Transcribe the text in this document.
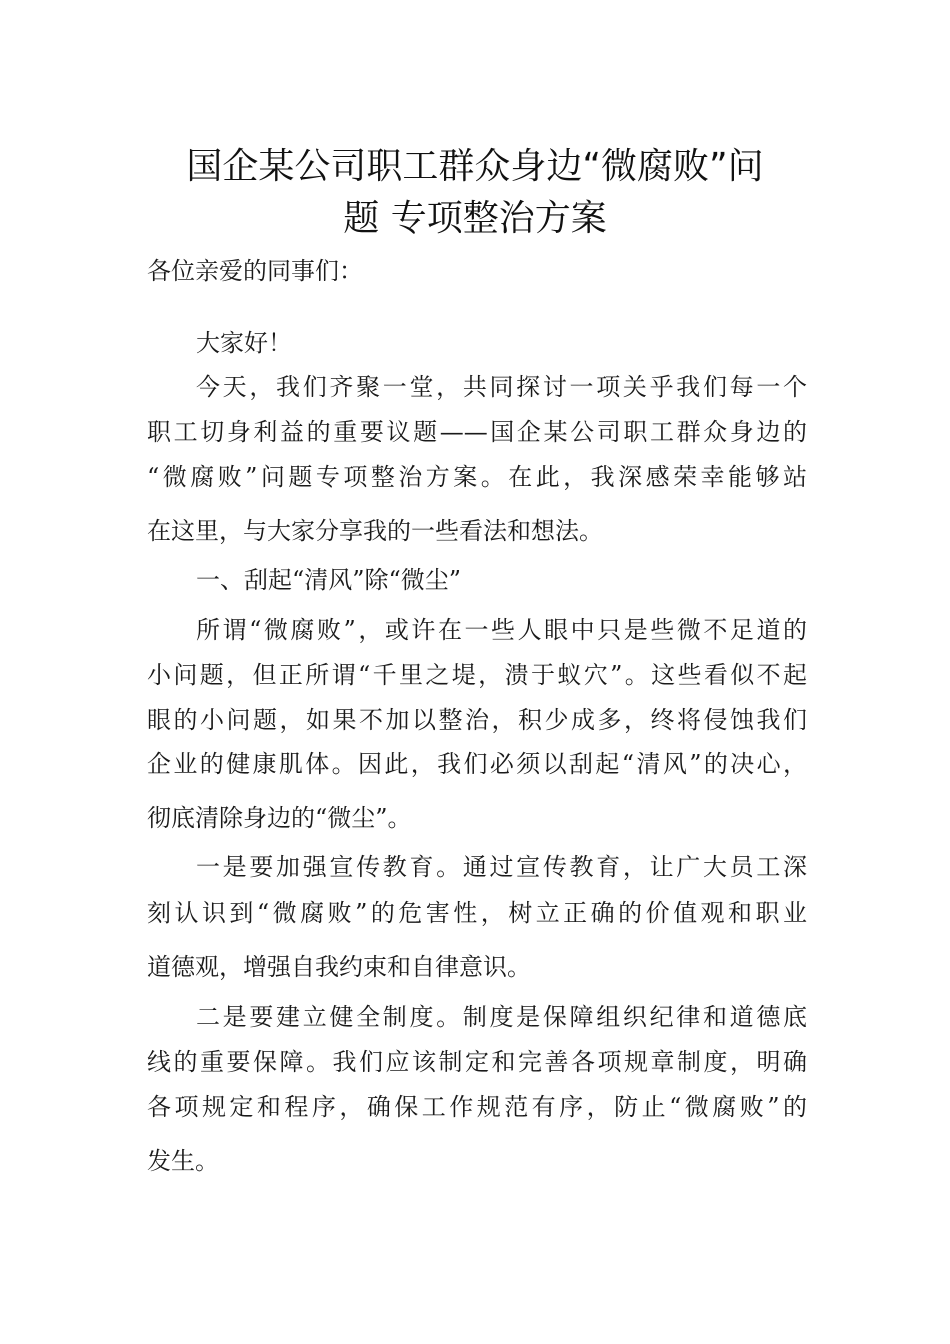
国企某公司职工群众身边“微腐败”问
题 专项整治方案

各位亲爱的同事们：

大家好！

今天，我们齐聚一堂，共同探讨一项关乎我们每一个

职工切身利益的重要议题——国企某公司职工群众身边的

“微腐败”问题专项整治方案。在此，我深感荣幸能够站

在这里，与大家分享我的一些看法和想法。

一、刮起“清风”除“微尘”

所谓“微腐败”，或许在一些人眼中只是些微不足道的

小问题，但正所谓“千里之堤，溃于蚁穴”。这些看似不起

眼的小问题，如果不加以整治，积少成多，终将侵蚀我们

企业的健康肌体。因此，我们必须以刮起“清风”的决心，

彻底清除身边的“微尘”。

一是要加强宣传教育。通过宣传教育，让广大员工深

刻认识到“微腐败”的危害性，树立正确的价值观和职业

道德观，增强自我约束和自律意识。

二是要建立健全制度。制度是保障组织纪律和道德底

线的重要保障。我们应该制定和完善各项规章制度，明确

各项规定和程序，确保工作规范有序，防止“微腐败”的

发生。
